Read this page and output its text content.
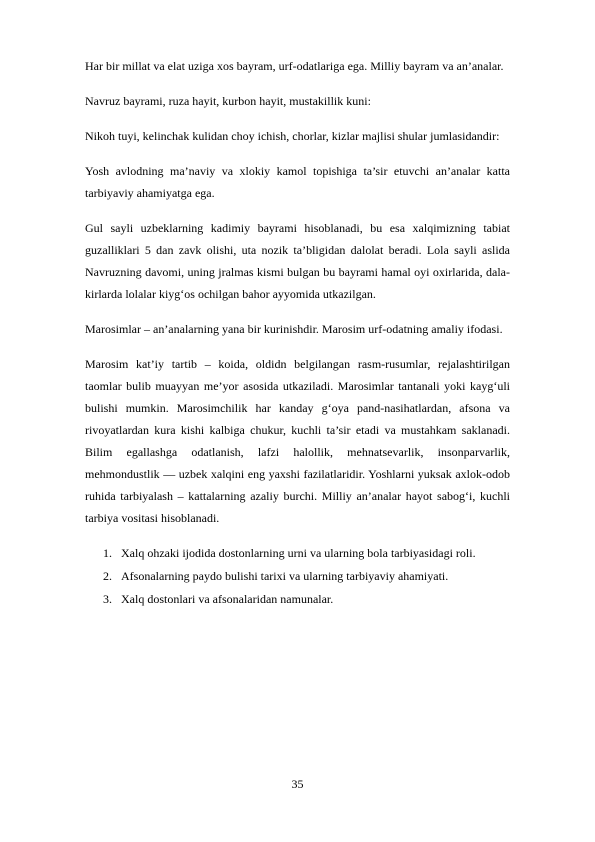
Har bir millat va elat uziga xos bayram, urf-odatlariga ega. Milliy bayram va an’analar.

Navruz bayrami, ruza hayit, kurbon hayit, mustakillik kuni:

Nikoh tuyi, kelinchak kulidan choy ichish, chorlar, kizlar majlisi shular jumlasidandir:

Yosh avlodning ma’naviy va xlokiy kamol topishiga ta’sir etuvchi an’analar katta tarbiyaviy ahamiyatga ega.

Gul sayli uzbeklarning kadimiy bayrami hisoblanadi, bu esa xalqimizning tabiat guzalliklari 5 dan zavk olishi, uta nozik ta’bligidan dalolat beradi. Lola sayli aslida Navruzning davomi, uning jralmas kismi bulgan bu bayrami hamal oyi oxirlarida, dala-kirlarda lolalar kiyg‘os ochilgan bahor ayyomida utkazilgan.

Marosimlar – an’analarning yana bir kurinishdir. Marosim urf-odatning amaliy ifodasi.

Marosim kat’iy tartib – koida, oldidn belgilangan rasm-rusumlar, rejalashtirilgan taomlar bulib muayyan me’yor asosida utkaziladi. Marosimlar tantanali yoki kayg‘uli bulishi mumkin. Marosimchilik har kanday g‘oya pand-nasihatlardan, afsona va rivoyatlardan kura kishi kalbiga chukur, kuchli ta’sir etadi va mustahkam saklanadi. Bilim egallashga odatlanish, lafzi halollik, mehnatsevarlik, insonparvarlik, mehmondustlik — uzbek xalqini eng yaxshi fazilatlaridir. Yoshlarni yuksak axlok-odob ruhida tarbiyalash – kattalarning azaliy burchi. Milliy an’analar hayot sabog‘i, kuchli tarbiya vositasi hisoblanadi.

1. Xalq ohzaki ijodida dostonlarning urni va ularning bola tarbiyasidagi roli.
2. Afsonalarning paydo bulishi tarixi va ularning tarbiyaviy ahamiyati.
3. Xalq dostonlari va afsonalaridan namunalar.
35
